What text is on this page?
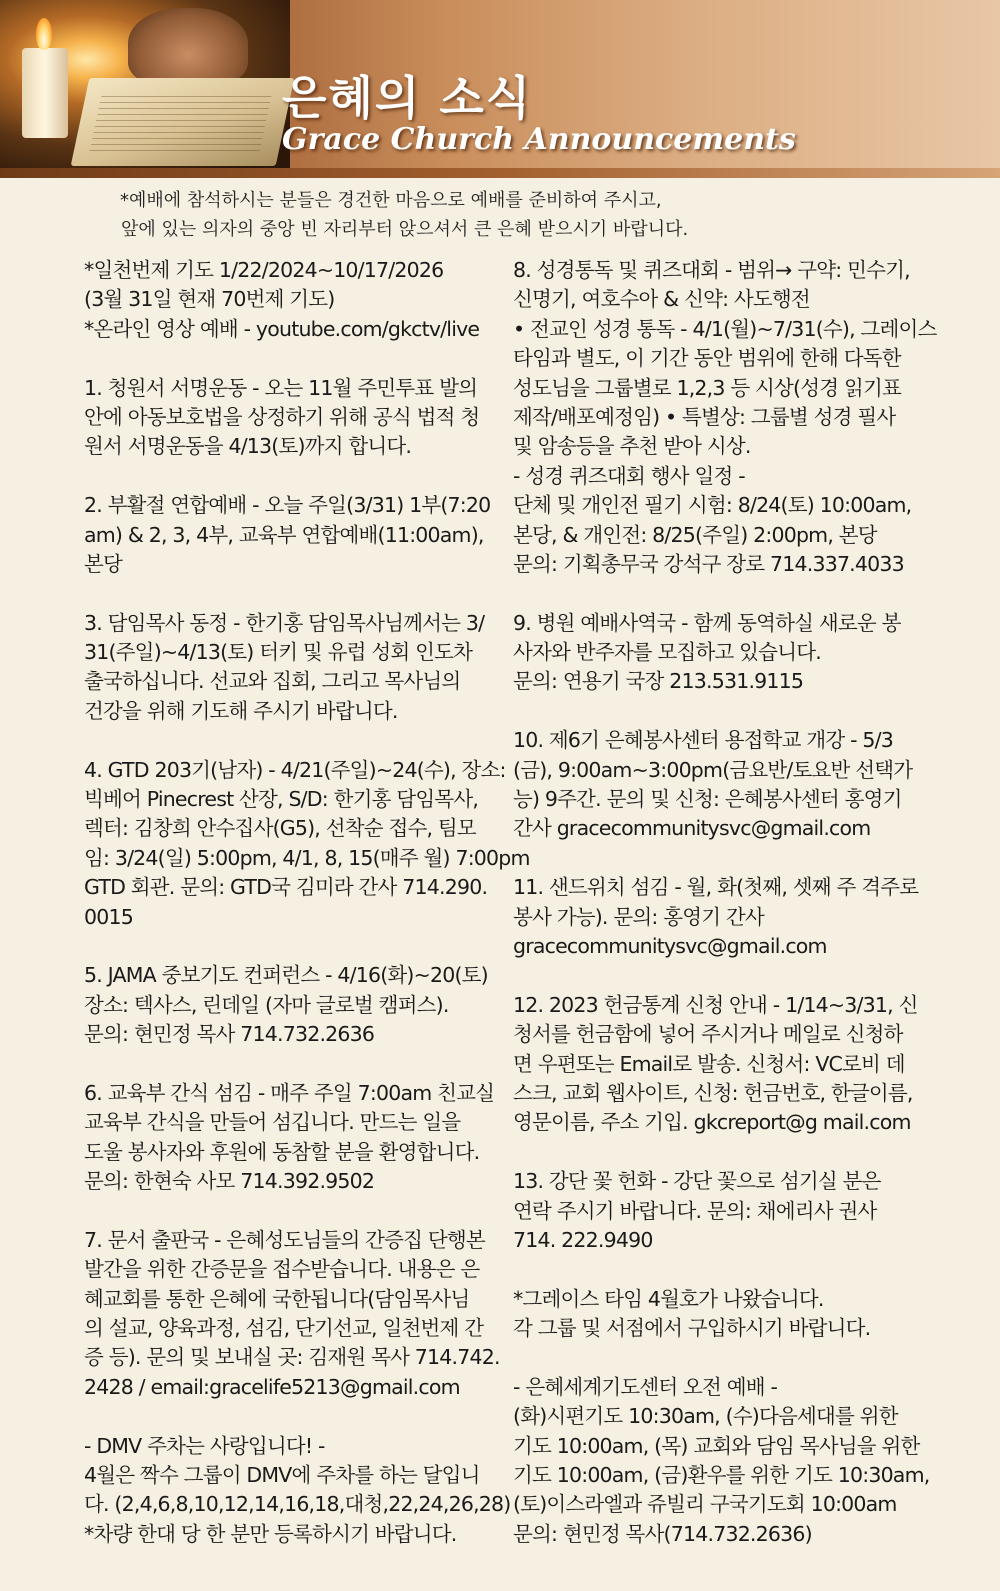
은혜의 소식
Grace Church Announcements
*예배에 참석하시는 분들은 경건한 마음으로 예배를 준비하여 주시고,
앞에 있는 의자의 중앙 빈 자리부터 앉으셔서 큰 은혜 받으시기 바랍니다.
*일천번제 기도 1/22/2024~10/17/2026
(3월 31일 현재 70번제 기도)
*온라인 영상 예배 - youtube.com/gkctv/live
1. 청원서 서명운동 - 오는 11월 주민투표 발의
안에 아동보호법을 상정하기 위해 공식 법적 청
원서 서명운동을 4/13(토)까지 합니다.
2. 부활절 연합예배 - 오늘 주일(3/31) 1부(7:20
am) & 2, 3, 4부, 교육부 연합예배(11:00am),
본당
3. 담임목사 동정 - 한기홍 담임목사님께서는 3/
31(주일)~4/13(토) 터키 및 유럽 성회 인도차
출국하십니다. 선교와 집회, 그리고 목사님의
건강을 위해 기도해 주시기 바랍니다.
4. GTD 203기(남자) - 4/21(주일)~24(수), 장소:
빅베어 Pinecrest 산장, S/D: 한기홍 담임목사,
렉터: 김창희 안수집사(G5), 선착순 접수, 팀모
임: 3/24(일) 5:00pm, 4/1, 8, 15(매주 월) 7:00pm
GTD 회관. 문의: GTD국 김미라 간사 714.290.
0015
5. JAMA 중보기도 컨퍼런스 - 4/16(화)~20(토)
장소: 텍사스, 린데일 (자마 글로벌 캠퍼스).
문의: 현민정 목사 714.732.2636
6. 교육부 간식 섬김 - 매주 주일 7:00am 친교실
교육부 간식을 만들어 섬깁니다. 만드는 일을
도울 봉사자와 후원에 동참할 분을 환영합니다.
문의: 한현숙 사모 714.392.9502
7. 문서 출판국 - 은혜성도님들의 간증집 단행본
발간을 위한 간증문을 접수받습니다. 내용은 은
혜교회를 통한 은혜에 국한됩니다(담임목사님
의 설교, 양육과정, 섬김, 단기선교, 일천번제 간
증 등). 문의 및 보내실 곳: 김재원 목사 714.742.
2428 / email:gracelife5213@gmail.com
- DMV 주차는 사랑입니다! -
4월은 짝수 그룹이 DMV에 주차를 하는 달입니
다. (2,4,6,8,10,12,14,16,18,대청,22,24,26,28)
*차량 한대 당 한 분만 등록하시기 바랍니다.
8. 성경통독 및 퀴즈대회 - 범위→ 구약: 민수기,
신명기, 여호수아 & 신약: 사도행전
• 전교인 성경 통독 - 4/1(월)~7/31(수), 그레이스
타임과 별도, 이 기간 동안 범위에 한해 다독한
성도님을 그룹별로 1,2,3 등 시상(성경 읽기표
제작/배포예정임) • 특별상: 그룹별 성경 필사
및 암송등을 추천 받아 시상.
- 성경 퀴즈대회 행사 일정 -
단체 및 개인전 필기 시험: 8/24(토) 10:00am,
본당, & 개인전: 8/25(주일) 2:00pm, 본당
문의: 기획총무국 강석구 장로 714.337.4033
9. 병원 예배사역국 - 함께 동역하실 새로운 봉
사자와 반주자를 모집하고 있습니다.
문의: 연용기 국장 213.531.9115
10. 제6기 은혜봉사센터 용접학교 개강 - 5/3
(금), 9:00am~3:00pm(금요반/토요반 선택가
능) 9주간. 문의 및 신청: 은혜봉사센터 홍영기
간사 gracecommunitysvc@gmail.com
11. 샌드위치 섬김 - 월, 화(첫째, 셋째 주 격주로
봉사 가능). 문의: 홍영기 간사
gracecommunitysvc@gmail.com
12. 2023 헌금통계 신청 안내 - 1/14~3/31, 신
청서를 헌금함에 넣어 주시거나 메일로 신청하
면 우편또는 Email로 발송. 신청서: VC로비 데
스크, 교회 웹사이트, 신청: 헌금번호, 한글이름,
영문이름, 주소 기입. gkcreport@g mail.com
13. 강단 꽃 헌화 - 강단 꽃으로 섬기실 분은
연락 주시기 바랍니다. 문의: 채에리사 권사
714. 222.9490
*그레이스 타임 4월호가 나왔습니다.
각 그룹 및 서점에서 구입하시기 바랍니다.
- 은혜세계기도센터 오전 예배 -
(화)시편기도 10:30am, (수)다음세대를 위한
기도 10:00am, (목) 교회와 담임 목사님을 위한
기도 10:00am, (금)환우를 위한 기도 10:30am,
(토)이스라엘과 쥬빌리 구국기도회 10:00am
문의: 현민정 목사(714.732.2636)
